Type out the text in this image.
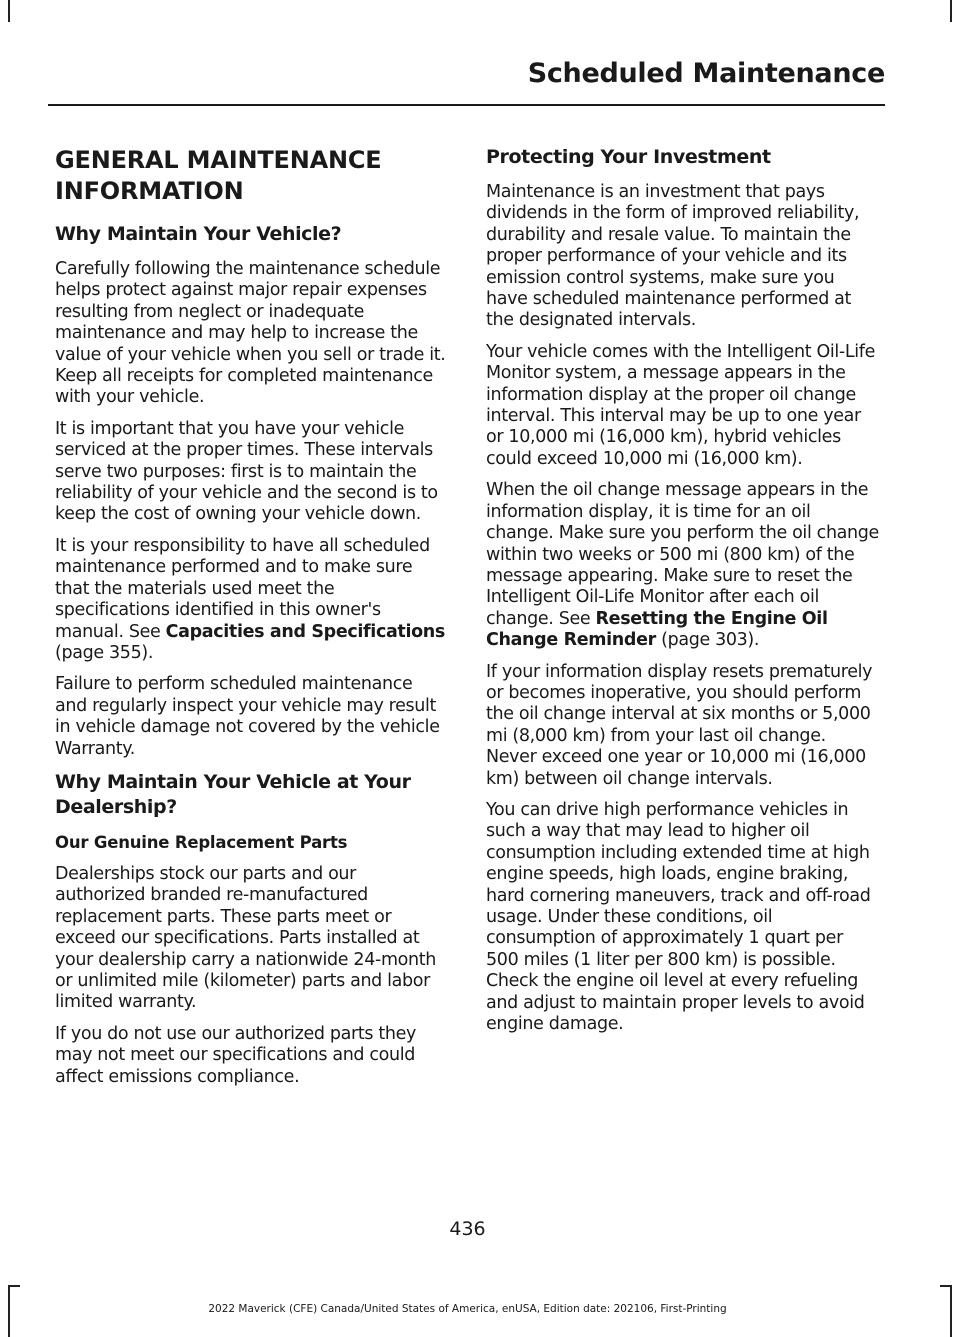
Scheduled Maintenance
GENERAL MAINTENANCE INFORMATION
Why Maintain Your Vehicle?

Carefully following the maintenance schedule helps protect against major repair expenses resulting from neglect or inadequate maintenance and may help to increase the value of your vehicle when you sell or trade it. Keep all receipts for completed maintenance with your vehicle.

It is important that you have your vehicle serviced at the proper times. These intervals serve two purposes: first is to maintain the reliability of your vehicle and the second is to keep the cost of owning your vehicle down.

It is your responsibility to have all scheduled maintenance performed and to make sure that the materials used meet the specifications identified in this owner's manual. See Capacities and Specifications (page 355).

Failure to perform scheduled maintenance and regularly inspect your vehicle may result in vehicle damage not covered by the vehicle Warranty.

Why Maintain Your Vehicle at Your Dealership?
Our Genuine Replacement Parts

Dealerships stock our parts and our authorized branded re-manufactured replacement parts. These parts meet or exceed our specifications. Parts installed at your dealership carry a nationwide 24-month or unlimited mile (kilometer) parts and labor limited warranty.

If you do not use our authorized parts they may not meet our specifications and could affect emissions compliance.

Protecting Your Investment

Maintenance is an investment that pays dividends in the form of improved reliability, durability and resale value. To maintain the proper performance of your vehicle and its emission control systems, make sure you have scheduled maintenance performed at the designated intervals.

Your vehicle comes with the Intelligent Oil-Life Monitor system, a message appears in the information display at the proper oil change interval. This interval may be up to one year or 10,000 mi (16,000 km), hybrid vehicles could exceed 10,000 mi (16,000 km).

When the oil change message appears in the information display, it is time for an oil change. Make sure you perform the oil change within two weeks or 500 mi (800 km) of the message appearing. Make sure to reset the Intelligent Oil-Life Monitor after each oil change. See Resetting the Engine Oil Change Reminder (page 303).

If your information display resets prematurely or becomes inoperative, you should perform the oil change interval at six months or 5,000 mi (8,000 km) from your last oil change. Never exceed one year or 10,000 mi (16,000 km) between oil change intervals.

You can drive high performance vehicles in such a way that may lead to higher oil consumption including extended time at high engine speeds, high loads, engine braking, hard cornering maneuvers, track and off-road usage. Under these conditions, oil consumption of approximately 1 quart per 500 miles (1 liter per 800 km) is possible. Check the engine oil level at every refueling and adjust to maintain proper levels to avoid engine damage.

436
2022 Maverick (CFE) Canada/United States of America, enUSA, Edition date: 202106, First-Printing
